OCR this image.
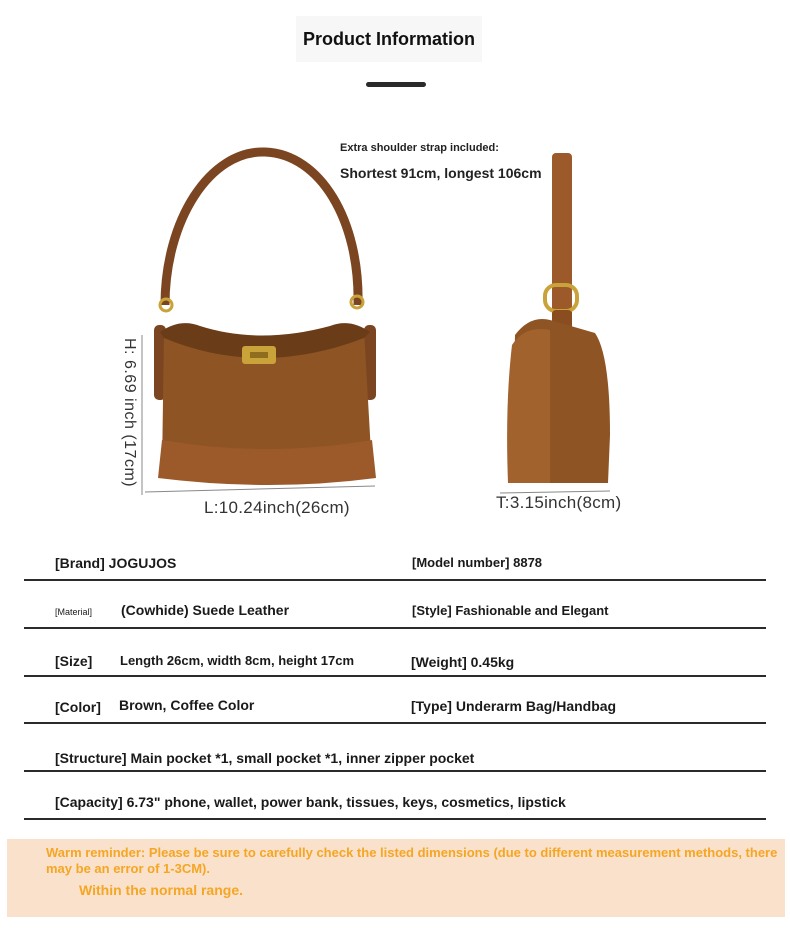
Product Information
Extra shoulder strap included:
Shortest 91cm, longest 106cm
H: 6.69 inch (17cm)
L:10.24inch(26cm)	T:3.15inch(8cm)
[Brand] JOGUJOS	[Model number] 8878
[Material] (Cowhide) Suede Leather	[Style] Fashionable and Elegant
[Size] Length 26cm, width 8cm, height 17cm	[Weight] 0.45kg
[Color] Brown, Coffee Color	[Type] Underarm Bag/Handbag
[Structure] Main pocket *1, small pocket *1, inner zipper pocket
[Capacity] 6.73" phone, wallet, power bank, tissues, keys, cosmetics, lipstick
Warm reminder: Please be sure to carefully check the listed dimensions (due to different measurement methods, there may be an error of 1-3CM).
Within the normal range.
